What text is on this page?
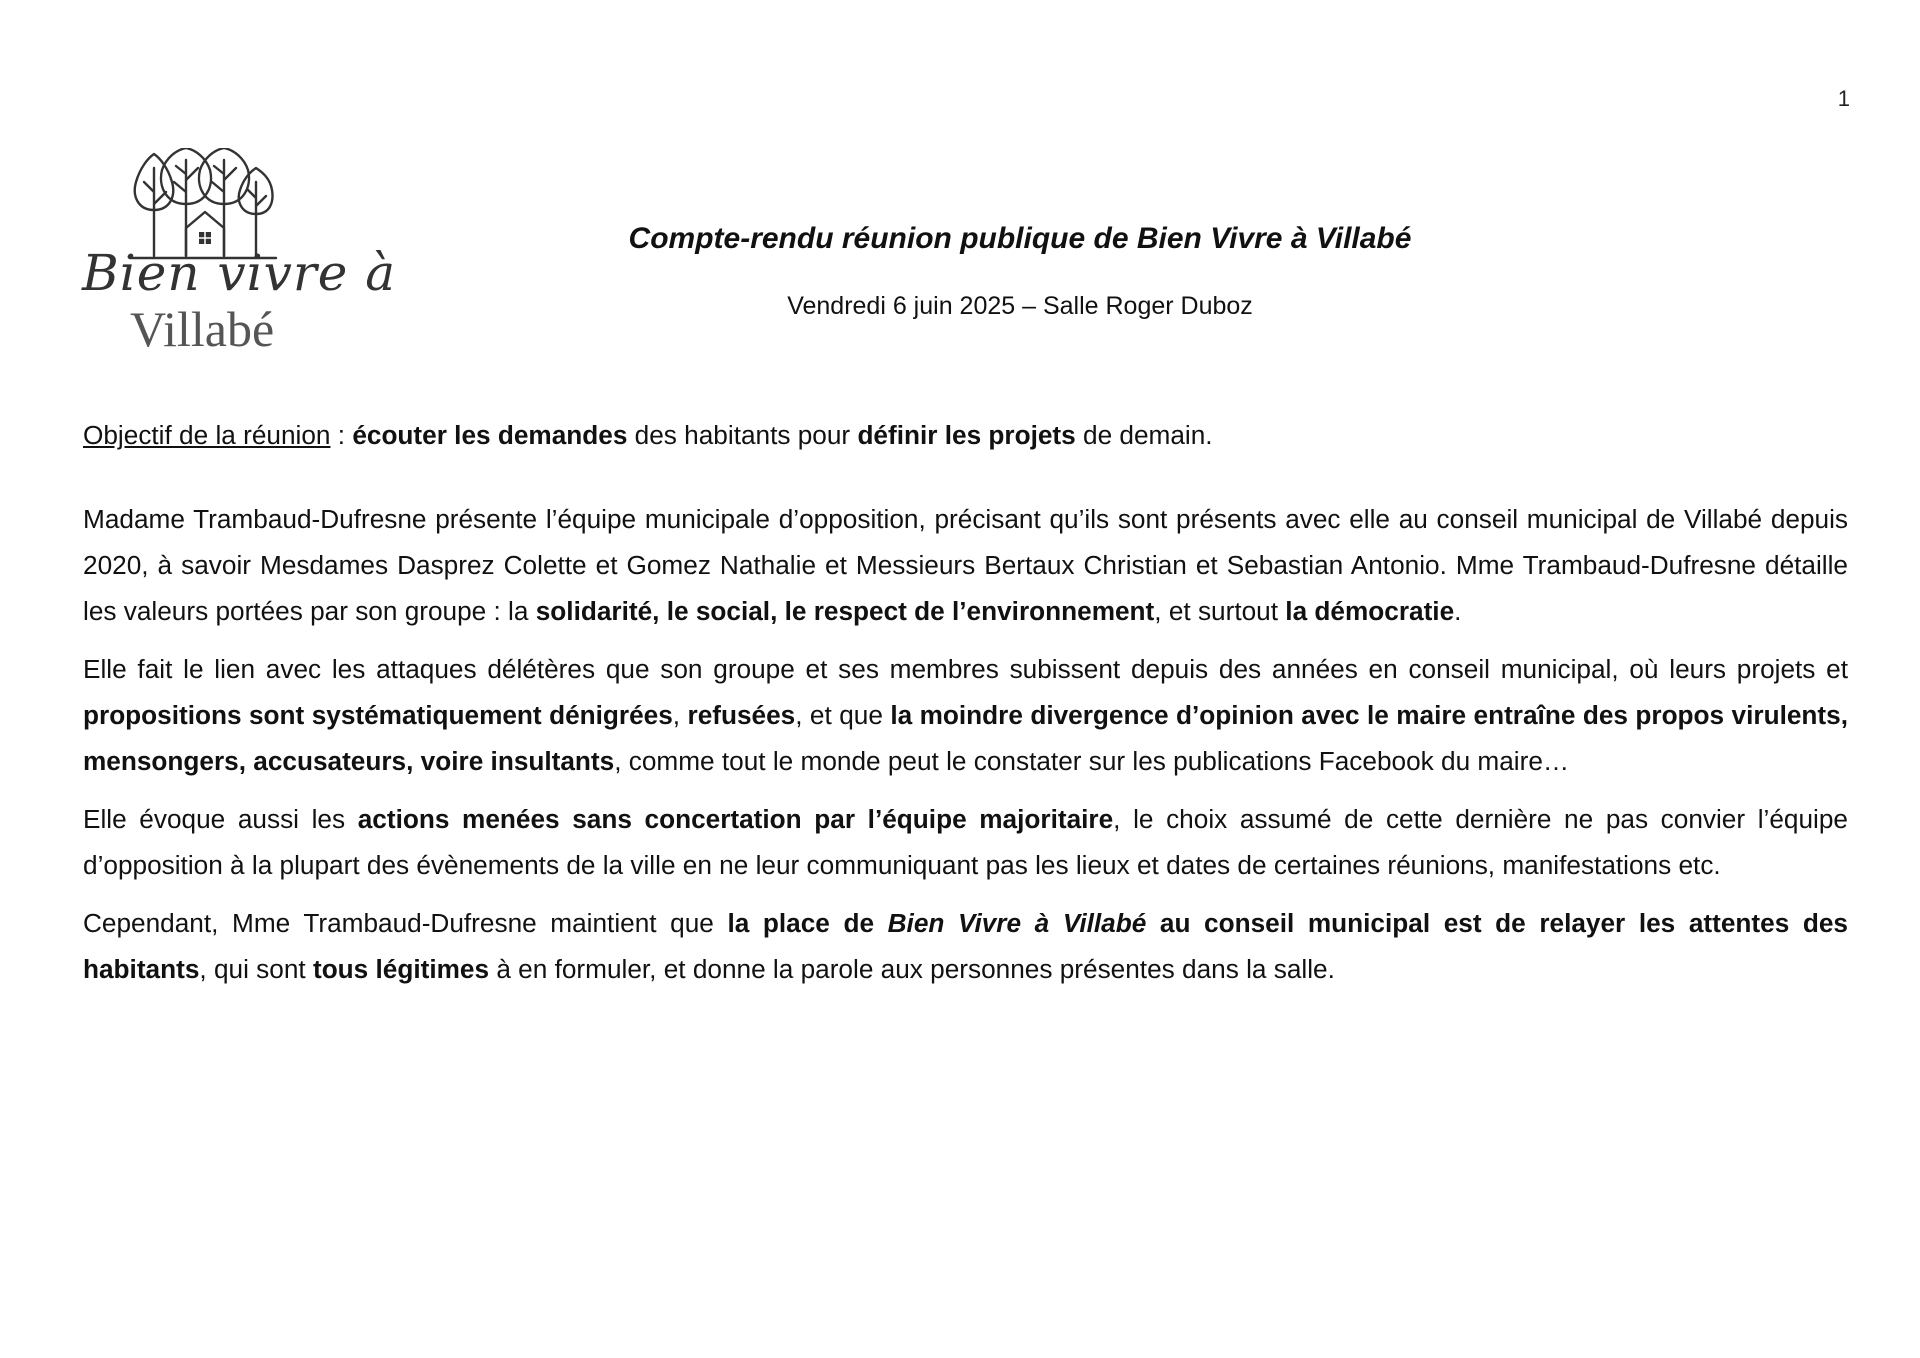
1
Bien vivre à
Villabé
Compte-rendu réunion publique de Bien Vivre à Villabé
Vendredi 6 juin 2025 – Salle Roger Duboz

Objectif de la réunion : écouter les demandes des habitants pour définir les projets de demain.

Madame Trambaud-Dufresne présente l’équipe municipale d’opposition, précisant qu’ils sont présents avec elle au conseil municipal de Villabé depuis 2020, à savoir Mesdames Dasprez Colette et Gomez Nathalie et Messieurs Bertaux Christian et Sebastian Antonio. Mme Trambaud-Dufresne détaille les valeurs portées par son groupe : la solidarité, le social, le respect de l’environnement, et surtout la démocratie.

Elle fait le lien avec les attaques délétères que son groupe et ses membres subissent depuis des années en conseil municipal, où leurs projets et propositions sont systématiquement dénigrées, refusées, et que la moindre divergence d’opinion avec le maire entraîne des propos virulents, mensongers, accusateurs, voire insultants, comme tout le monde peut le constater sur les publications Facebook du maire…

Elle évoque aussi les actions menées sans concertation par l’équipe majoritaire, le choix assumé de cette dernière ne pas convier l’équipe d’opposition à la plupart des évènements de la ville en ne leur communiquant pas les lieux et dates de certaines réunions, manifestations etc.

Cependant, Mme Trambaud-Dufresne maintient que la place de Bien Vivre à Villabé au conseil municipal est de relayer les attentes des habitants, qui sont tous légitimes à en formuler, et donne la parole aux personnes présentes dans la salle.
